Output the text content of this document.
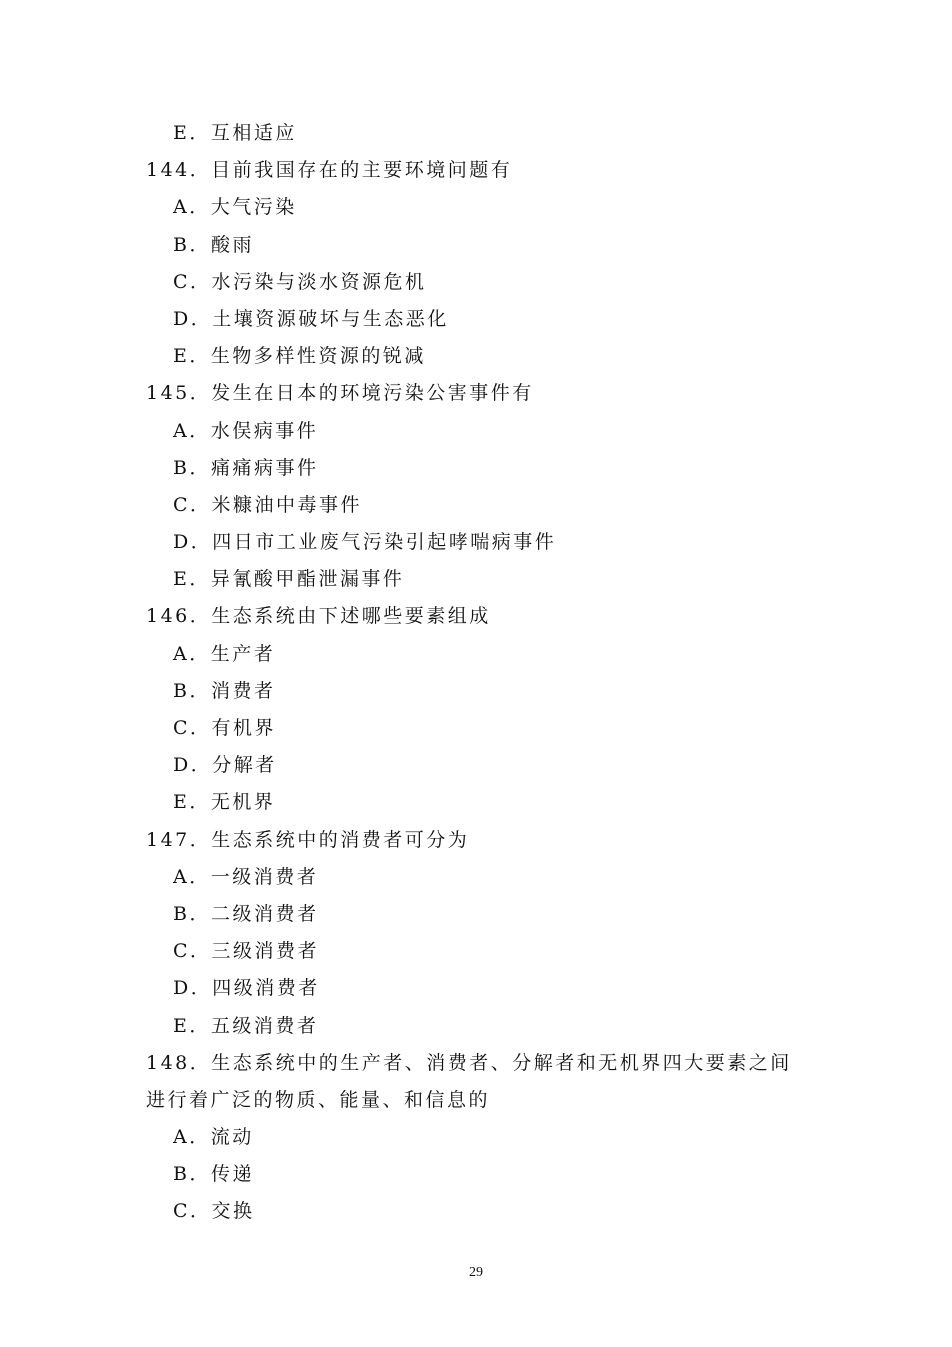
E．互相适应
144．目前我国存在的主要环境问题有
A．大气污染
B．酸雨
C．水污染与淡水资源危机
D．土壤资源破坏与生态恶化
E．生物多样性资源的锐减
145．发生在日本的环境污染公害事件有
A．水俣病事件
B．痛痛病事件
C．米糠油中毒事件
D．四日市工业废气污染引起哮喘病事件
E．异氰酸甲酯泄漏事件
146．生态系统由下述哪些要素组成
A．生产者
B．消费者
C．有机界
D．分解者
E．无机界
147．生态系统中的消费者可分为
A．一级消费者
B．二级消费者
C．三级消费者
D．四级消费者
E．五级消费者
148．生态系统中的生产者、消费者、分解者和无机界四大要素之间
进行着广泛的物质、能量、和信息的
A．流动
B．传递
C．交换
29
